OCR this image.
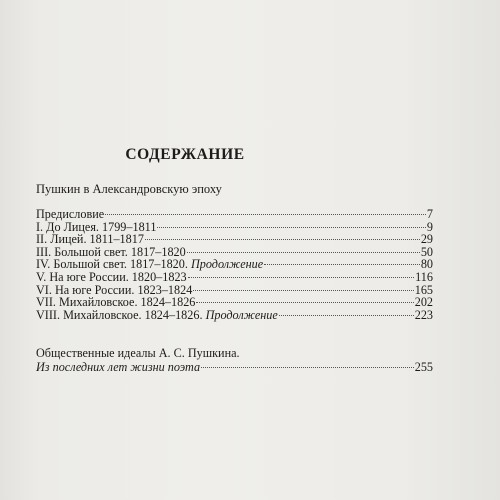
СОДЕРЖАНИЕ
Пушкин в Александровскую эпоху
Предисловие	7
I. До Лицея. 1799–1811	9
II. Лицей. 1811–1817	29
III. Большой свет. 1817–1820	50
IV. Большой свет. 1817–1820. Продолжение	80
V. На юге России. 1820–1823	116
VI. На юге России. 1823–1824	165
VII. Михайловское. 1824–1826	202
VIII. Михайловское. 1824–1826. Продолжение	223
Общественные идеалы А. С. Пушкина.
Из последних лет жизни поэта	255
